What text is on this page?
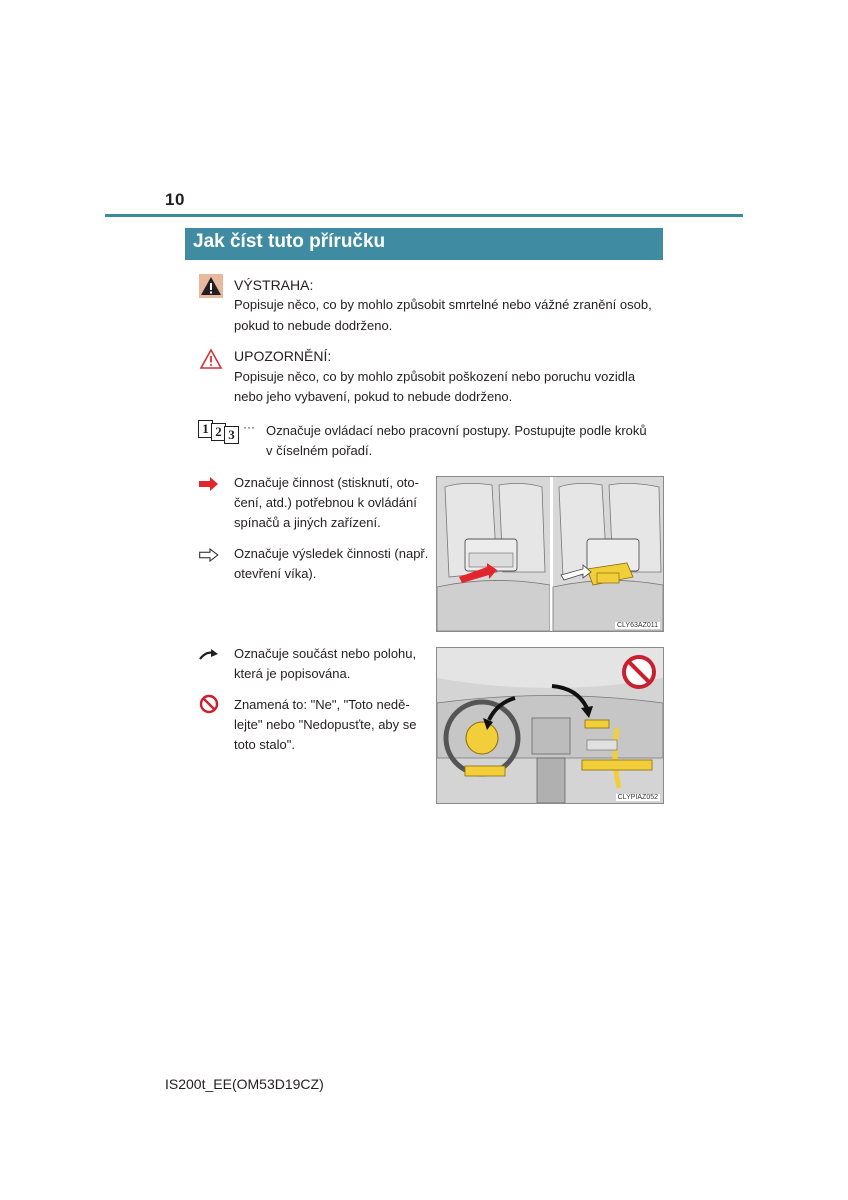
10
Jak číst tuto příručku
VÝSTRAHA:
Popisuje něco, co by mohlo způsobit smrtelné nebo vážné zranění osob,
pokud to nebude dodrženo.
UPOZORNĚNÍ:
Popisuje něco, co by mohlo způsobit poškození nebo poruchu vozidla
nebo jeho vybavení, pokud to nebude dodrženo.
1 2 3 ··· Označuje ovládací nebo pracovní postupy. Postupujte podle kroků
v číselném pořadí.
Označuje činnost (stisknutí, oto-
čení, atd.) potřebnou k ovládání
spínačů a jiných zařízení.
Označuje výsledek činnosti (např.
otevření víka).
CLY63AZ011
Označuje součást nebo polohu,
která je popisována.
Znamená to: "Ne", "Toto nedě-
lejte" nebo "Nedopusťte, aby se
toto stalo".
CLYPIAZ052
IS200t_EE(OM53D19CZ)
